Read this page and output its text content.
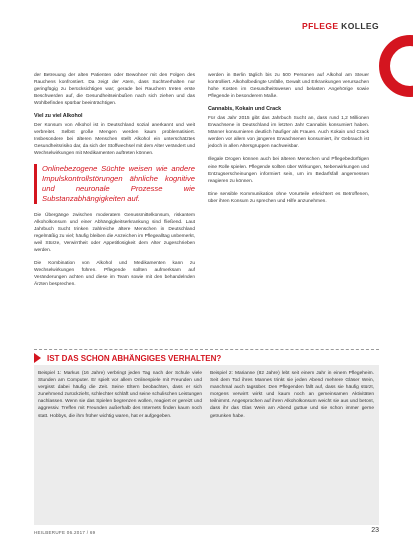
PFLEGE KOLLEG

der Betreuung der alten Patienten oder Bewohner mit den Folgen des Rauchens konfrontiert. Da zeigt der Atem, dass Suchtverhalten nur geringfügig zu berücksichtigen war; gerade bei Rauchern treten erste Beschwerden auf, die Gesundheitseinbußen nach sich ziehen und das Wohlbefinden spürbar beeinträchtigen.

Viel zu viel Alkohol

Der Konsum von Alkohol ist in Deutschland sozial anerkannt und weit verbreitet. Selbst große Mengen werden kaum problematisiert. Insbesondere bei älteren Menschen stellt Alkohol ein unterschätztes Gesundheitsrisiko dar, da sich der Stoffwechsel mit dem Alter verändert und Wechselwirkungen mit Medikamenten auftreten können.

Onlinebezogene Süchte weisen wie andere Impulskontrollstörungen ähnliche kognitive und neuronale Prozesse wie Substanzabhängigkeiten auf.

Die Übergänge zwischen moderatem Genussmittelkonsum, riskantem Alkoholkonsum und einer Abhängigkeitserkrankung sind fließend. Laut Jahrbuch Sucht trinken zahlreiche ältere Menschen in Deutschland regelmäßig zu viel; häufig bleiben die Anzeichen im Pflegealltag unbemerkt, weil Stürze, Verwirrtheit oder Appetitlosigkeit dem Alter zugeschrieben werden.

Die Kombination von Alkohol und Medikamenten kann zu Wechselwirkungen führen. Pflegende sollten aufmerksam auf Veränderungen achten und diese im Team sowie mit den behandelnden Ärzten besprechen.

werden in Berlin täglich bis zu 500 Personen auf Alkohol am Steuer kontrolliert. Alkoholbedingte Unfälle, Gewalt und Erkrankungen verursachen hohe Kosten im Gesundheitswesen und belasten Angehörige sowie Pflegende in besonderem Maße.

Cannabis, Kokain und Crack

Für das Jahr 2015 gibt das Jahrbuch Sucht an, dass rund 1,2 Millionen Erwachsene in Deutschland im letzten Jahr Cannabis konsumiert haben. Männer konsumieren deutlich häufiger als Frauen. Auch Kokain und Crack werden vor allem von jüngeren Erwachsenen konsumiert, ihr Gebrauch ist jedoch in allen Altersgruppen nachweisbar.

Illegale Drogen können auch bei älteren Menschen und Pflegebedürftigen eine Rolle spielen. Pflegende sollten über Wirkungen, Nebenwirkungen und Entzugserscheinungen informiert sein, um im Bedarfsfall angemessen reagieren zu können.

Eine sensible Kommunikation ohne Vorurteile erleichtert es Betroffenen, über ihren Konsum zu sprechen und Hilfe anzunehmen.

IST DAS SCHON ABHÄNGIGES VERHALTEN?
Beispiel 1: Markus (16 Jahre) verbringt jeden Tag nach der Schule viele Stunden am Computer. Er spielt vor allem Onlinespiele mit Freunden und vergisst dabei häufig die Zeit. Seine Eltern beobachten, dass er sich zunehmend zurückzieht, schlechter schläft und seine schulischen Leistungen nachlassen. Wenn sie das Spielen begrenzen wollen, reagiert er gereizt und aggressiv. Treffen mit Freunden außerhalb des Internets finden kaum noch statt. Hobbys, die ihm früher wichtig waren, hat er aufgegeben.
Beispiel 2: Marianne (82 Jahre) lebt seit einem Jahr in einem Pflegeheim. Seit dem Tod ihres Mannes trinkt sie jeden Abend mehrere Gläser Wein, manchmal auch tagsüber. Den Pflegenden fällt auf, dass sie häufig stürzt, morgens verwirrt wirkt und kaum noch an gemeinsamen Aktivitäten teilnimmt. Angesprochen auf ihren Alkoholkonsum weicht sie aus und betont, dass ihr das Glas Wein am Abend guttue und sie schon immer gerne getrunken habe.
HEILBERUFE 06.2017 / 69	23
